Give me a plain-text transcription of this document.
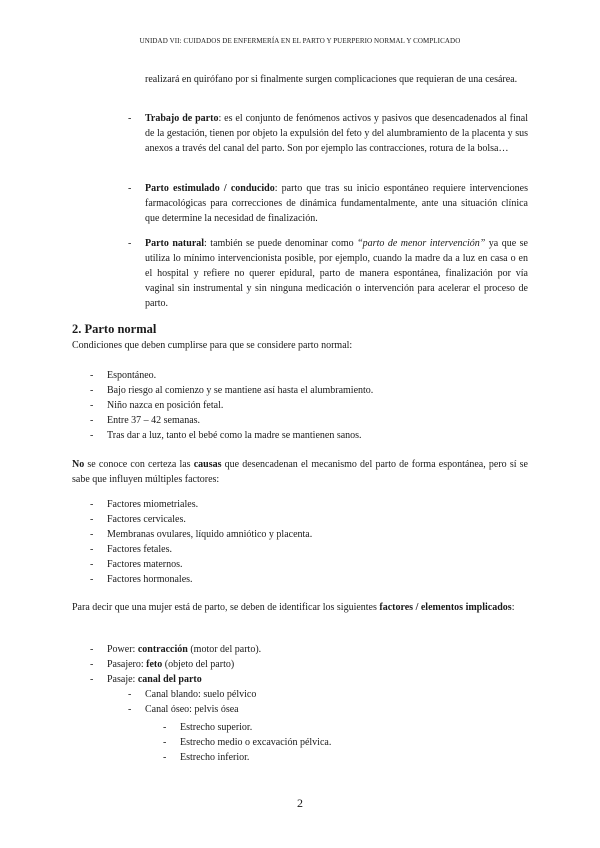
UNIDAD VII: CUIDADOS DE ENFERMERÍA EN EL PARTO Y PUERPERIO NORMAL Y COMPLICADO
realizará en quirófano por si finalmente surgen complicaciones que requieran de una cesárea.
- Trabajo de parto: es el conjunto de fenómenos activos y pasivos que desencadenados al final de la gestación, tienen por objeto la expulsión del feto y del alumbramiento de la placenta y sus anexos a través del canal del parto. Son por ejemplo las contracciones, rotura de la bolsa…
- Parto estimulado / conducido: parto que tras su inicio espontáneo requiere intervenciones farmacológicas para correcciones de dinámica fundamentalmente, ante una situación clínica que determine la necesidad de finalización.
- Parto natural: también se puede denominar como “parto de menor intervención” ya que se utiliza lo mínimo intervencionista posible, por ejemplo, cuando la madre da a luz en casa o en el hospital y refiere no querer epidural, parto de manera espontánea, finalización por vía vaginal sin instrumental y sin ninguna medicación o intervención para acelerar el proceso de parto.
2. Parto normal
Condiciones que deben cumplirse para que se considere parto normal:
- Espontáneo.
- Bajo riesgo al comienzo y se mantiene así hasta el alumbramiento.
- Niño nazca en posición fetal.
- Entre 37 – 42 semanas.
- Tras dar a luz, tanto el bebé como la madre se mantienen sanos.
No se conoce con certeza las causas que desencadenan el mecanismo del parto de forma espontánea, pero sí se sabe que influyen múltiples factores:
- Factores miometriales.
- Factores cervicales.
- Membranas ovulares, líquido amniótico y placenta.
- Factores fetales.
- Factores maternos.
- Factores hormonales.
Para decir que una mujer está de parto, se deben de identificar los siguientes factores / elementos implicados:
- Power: contracción (motor del parto).
- Pasajero: feto (objeto del parto)
- Pasaje: canal del parto
- Canal blando: suelo pélvico
- Canal óseo: pelvis ósea
- Estrecho superior.
- Estrecho medio o excavación pélvica.
- Estrecho inferior.
2
